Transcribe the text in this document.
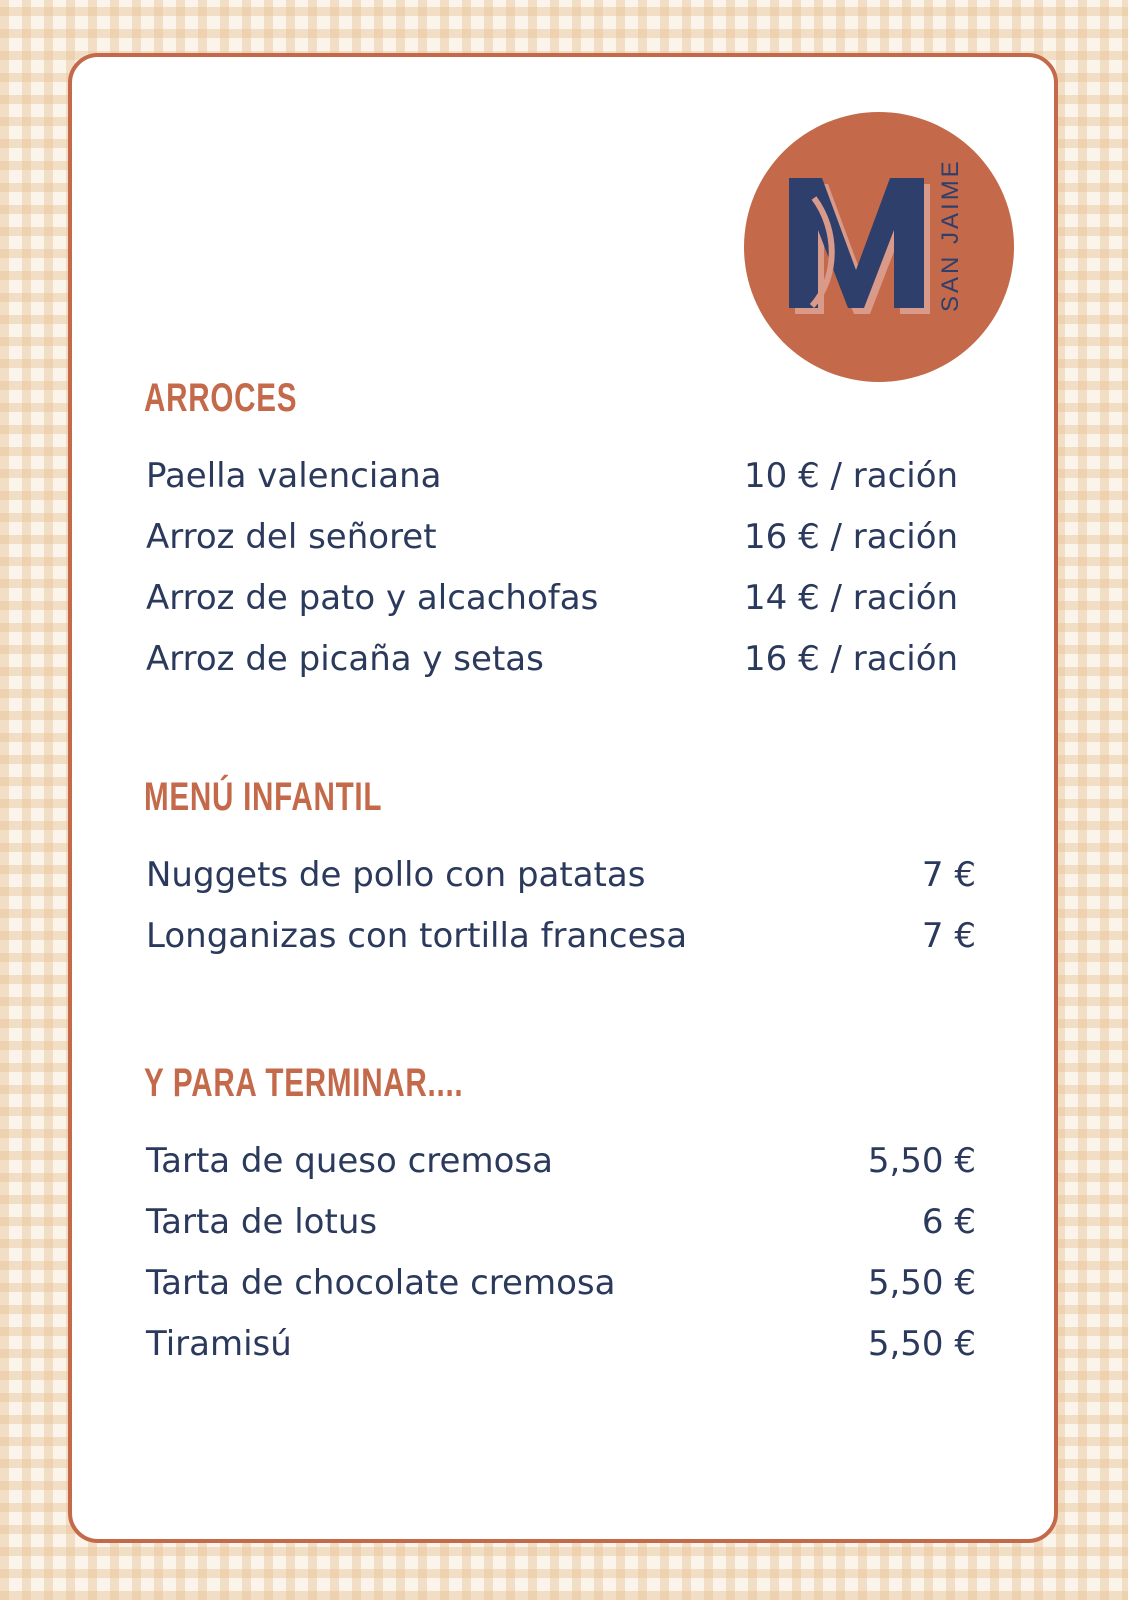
SAN JAIME
ARROCES
Paella valenciana	10 € / ración
Arroz del señoret	16 € / ración
Arroz de pato y alcachofas	14 € / ración
Arroz de picaña y setas	16 € / ración
MENÚ INFANTIL
Nuggets de pollo con patatas	7 €
Longanizas con tortilla francesa	7 €
Y PARA TERMINAR....
Tarta de queso cremosa	5,50 €
Tarta de lotus	6 €
Tarta de chocolate cremosa	5,50 €
Tiramisú	5,50 €
